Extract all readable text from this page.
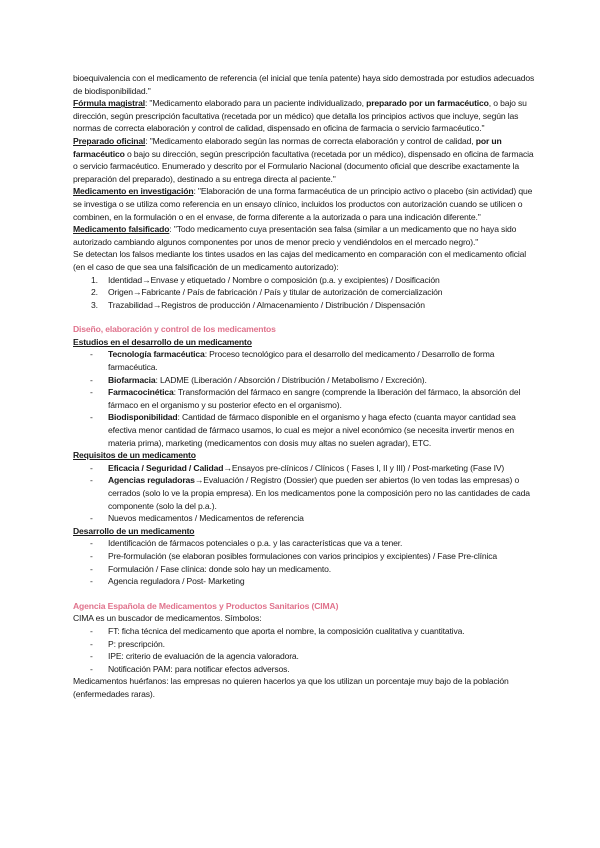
bioequivalencia con el medicamento de referencia (el inicial que tenía patente) haya sido demostrada por estudios adecuados de biodisponibilidad."

Fórmula magistral: "Medicamento elaborado para un paciente individualizado, preparado por un farmacéutico, o bajo su dirección, según prescripción facultativa (recetada por un médico) que detalla los principios activos que incluye, según las normas de correcta elaboración y control de calidad, dispensado en oficina de farmacia o servicio farmacéutico."

Preparado oficinal: "Medicamento elaborado según las normas de correcta elaboración y control de calidad, por un farmacéutico o bajo su dirección, según prescripción facultativa (recetada por un médico), dispensado en oficina de farmacia o servicio farmacéutico. Enumerado y descrito por el Formulario Nacional (documento oficial que describe exactamente la preparación del preparado), destinado a su entrega directa al paciente."

Medicamento en investigación: "Elaboración de una forma farmacéutica de un principio activo o placebo (sin actividad) que se investiga o se utiliza como referencia en un ensayo clínico, incluidos los productos con autorización cuando se utilicen o combinen, en la formulación o en el envase, de forma diferente a la autorizada o para una indicación diferente."

Medicamento falsificado: "Todo medicamento cuya presentación sea falsa (similar a un medicamento que no haya sido autorizado cambiando algunos componentes por unos de menor precio y vendiéndolos en el mercado negro)."

Se detectan los falsos mediante los tintes usados en las cajas del medicamento en comparación con el medicamento oficial (en el caso de que sea una falsificación de un medicamento autorizado):

1. Identidad→Envase y etiquetado / Nombre o composición (p.a. y excipientes) / Dosificación
2. Origen→Fabricante / País de fabricación / País y titular de autorización de comercialización
3. Trazabilidad→Registros de producción / Almacenamiento / Distribución / Dispensación

Diseño, elaboración y control de los medicamentos

Estudios en el desarrollo de un medicamento

- Tecnología farmacéutica: Proceso tecnológico para el desarrollo del medicamento / Desarrollo de forma farmacéutica.
- Biofarmacia: LADME (Liberación / Absorción / Distribución / Metabolismo / Excreción).
- Farmacocinética: Transformación del fármaco en sangre (comprende la liberación del fármaco, la absorción del fármaco en el organismo y su posterior efecto en el organismo).
- Biodisponibilidad: Cantidad de fármaco disponible en el organismo y haga efecto (cuanta mayor cantidad sea efectiva menor cantidad de fármaco usamos, lo cual es mejor a nivel económico (se necesita invertir menos en materia prima), marketing (medicamentos con dosis muy altas no suelen agradar), ETC.

Requisitos de un medicamento

- Eficacia / Seguridad / Calidad→Ensayos pre-clínicos / Clínicos ( Fases I, II y III) / Post-marketing (Fase IV)
- Agencias reguladoras→Evaluación / Registro (Dossier) que pueden ser abiertos (lo ven todas las empresas) o cerrados (solo lo ve la propia empresa). En los medicamentos pone la composición pero no las cantidades de cada componente (solo la del p.a.).
- Nuevos medicamentos / Medicamentos de referencia

Desarrollo de un medicamento

- Identificación de fármacos potenciales o p.a. y las características que va a tener.
- Pre-formulación (se elaboran posibles formulaciones con varios principios y excipientes) / Fase Pre-clínica
- Formulación / Fase clínica: donde solo hay un medicamento.
- Agencia reguladora / Post- Marketing

Agencia Española de Medicamentos y Productos Sanitarios (CIMA)

CIMA es un buscador de medicamentos. Símbolos:

- FT: ficha técnica del medicamento que aporta el nombre, la composición cualitativa y cuantitativa.
- P: prescripción.
- IPE: criterio de evaluación de la agencia valoradora.
- Notificación PAM: para notificar efectos adversos.

Medicamentos huérfanos: las empresas no quieren hacerlos ya que los utilizan un porcentaje muy bajo de la población (enfermedades raras).
